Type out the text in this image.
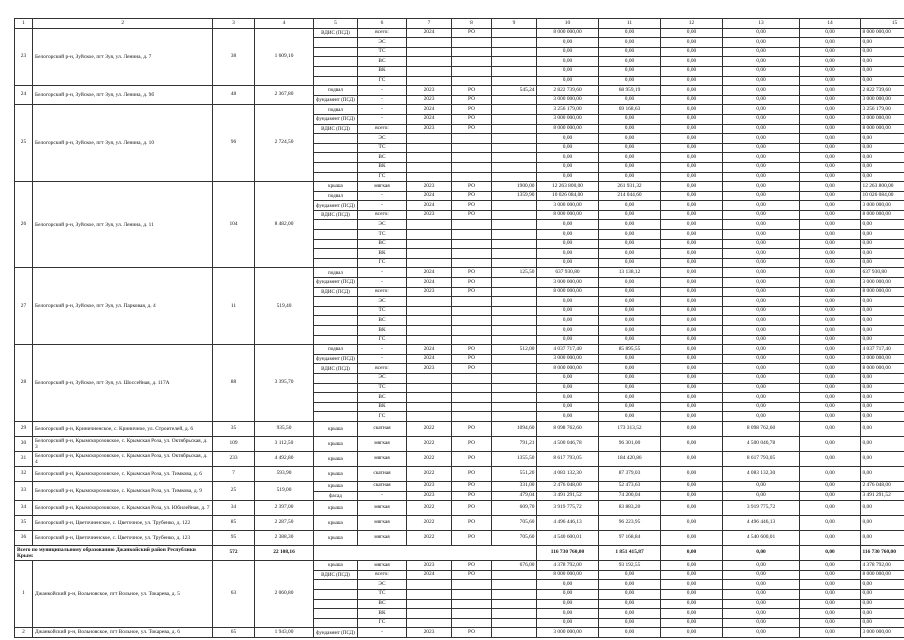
1	2	3	4	5	6	7	8	9	10	11	12	13	14	15
23	Белогорский р-н, Зуйское, пгт Зуя, ул. Ленина, д. 7	38	1 609,10	ВДИС (ПСД)	всего:	2024	РО		8 000 000,00	0,00	0,00	0,00	0,00	8 000 000,00
					ЭС				0,00	0,00	0,00	0,00	0,00	0,00
					ТС				0,00	0,00	0,00	0,00	0,00	0,00
					ВС				0,00	0,00	0,00	0,00	0,00	0,00
					ВК				0,00	0,00	0,00	0,00	0,00	0,00
					ГС				0,00	0,00	0,00	0,00	0,00	0,00
24	Белогорский р-н, Зуйское, пгт Зуя, ул. Ленина, д. 9б	48	2 367,80	подвал	-	2023	РО	545,24	2 822 739,60	68 959,19	0,00	0,00	0,00	2 822 739,60
				фундамент (ПСД)	-	2023	РО		3 000 000,00	0,00	0,00	0,00	0,00	3 000 000,00
25	Белогорский р-н, Зуйское, пгт Зуя, ул. Ленина, д. 10	96	2 724,50	подвал	-	2024	РО		3 256 179,00	69 168,63	0,00	0,00	0,00	3 256 179,00
				фундамент (ПСД)	-	2024	РО		3 000 000,00	0,00	0,00	0,00	0,00	3 000 000,00
				ВДИС (ПСД)	всего:	2023	РО		8 000 000,00	0,00	0,00	0,00	0,00	8 000 000,00
					ЭС				0,00	0,00	0,00	0,00	0,00	0,00
					ТС				0,00	0,00	0,00	0,00	0,00	0,00
					ВС				0,00	0,00	0,00	0,00	0,00	0,00
					ВК				0,00	0,00	0,00	0,00	0,00	0,00
					ГС				0,00	0,00	0,00	0,00	0,00	0,00
26	Белогорский р-н, Зуйское, пгт Зуя, ул. Ленина, д. 11	104	8 482,00	крыша	мягкая	2023	РО	1900,00	12 263 800,00	261 931,32	0,00	0,00	0,00	12 263 800,00
				подвал	-	2024	РО	1359,90	10 026 084,00	214 044,60	0,00	0,00	0,00	10 026 084,00
				фундамент (ПСД)	-	2024	РО		3 000 000,00	0,00	0,00	0,00	0,00	3 000 000,00
				ВДИС (ПСД)	всего:	2023	РО		8 000 000,00	0,00	0,00	0,00	0,00	8 000 000,00
					ЭС				0,00	0,00	0,00	0,00	0,00	0,00
					ТС				0,00	0,00	0,00	0,00	0,00	0,00
					ВС				0,00	0,00	0,00	0,00	0,00	0,00
					ВК				0,00	0,00	0,00	0,00	0,00	0,00
					ГС				0,00	0,00	0,00	0,00	0,00	0,00
27	Белогорский р-н, Зуйское, пгт Зуя, ул. Парковая, д. 4	11	519,40	подвал	-	2024	РО	125,50	637 930,80	13 138,12	0,00	0,00	0,00	637 930,80
				фундамент (ПСД)	-	2024	РО		3 000 000,00	0,00	0,00	0,00	0,00	3 000 000,00
				ВДИС (ПСД)	всего:	2023	РО		8 000 000,00	0,00	0,00	0,00	0,00	8 000 000,00
					ЭС				0,00	0,00	0,00	0,00	0,00	0,00
					ТС				0,00	0,00	0,00	0,00	0,00	0,00
					ВС				0,00	0,00	0,00	0,00	0,00	0,00
					ВК				0,00	0,00	0,00	0,00	0,00	0,00
					ГС				0,00	0,00	0,00	0,00	0,00	0,00
28	Белогорский р-н, Зуйское, пгт Зуя, ул. Шоссейная, д. 117А	88	3 395,70	подвал	-	2024	РО	512,00	4 037 717,40	85 895,55	0,00	0,00	0,00	4 037 717,40
				фундамент (ПСД)	-	2024	РО		3 000 000,00	0,00	0,00	0,00	0,00	3 000 000,00
				ВДИС (ПСД)	всего:	2023	РО		8 000 000,00	0,00	0,00	0,00	0,00	8 000 000,00
					ЭС				0,00	0,00	0,00	0,00	0,00	0,00
					ТС				0,00	0,00	0,00	0,00	0,00	0,00
					ВС				0,00	0,00	0,00	0,00	0,00	0,00
					ВК				0,00	0,00	0,00	0,00	0,00	0,00
					ГС				0,00	0,00	0,00	0,00	0,00	0,00
29	Белогорский р-н, Криничненское, с. Криничное, ул. Строителей, д. 6	35	935,50	крыша	скатная	2022	РО	1094,60	8 098 762,60	173 313,52	0,00	8 098 762,60	0,00	0,00
30	Белогорский р-н, Крымскорозовское, с. Крымская Роза, ул. Октябрьская, д. 3	109	3 112,50	крыша	мягкая	2022	РО	791,21	4 500 046,78	96 301,00	0,00	4 500 046,78	0,00	0,00
31	Белогорский р-н, Крымскорозовское, с. Крымская Роза, ул. Октябрьская, д. 4	233	4 492,80	крыша	мягкая	2022	РО	1355,50	8 617 793,05	184 420,86	0,00	8 617 793,05	0,00	0,00
32	Белогорский р-н, Крымскорозовское, с. Крымская Роза, ул. Тимкова, д. 6	7	593,90	крыша	скатная	2022	РО	551,20	4 083 132,30	87 379,03	0,00	4 083 132,30	0,00	0,00
33	Белогорский р-н, Крымскорозовское, с. Крымская Роза, ул. Тимкова, д. 9	25	519,00	крыша	скатная	2023	РО	331,00	2 476 048,00	52 473,63	0,00	0,00	0,00	2 476 048,00
				фасад	-	2023	РО	479,04	3 491 291,52	74 200,04	0,00	0,00	0,00	3 491 291,52
34	Белогорский р-н, Крымскорозовское, с. Крымская Роза, ул. Юбилейная, д. 7	34	2 397,00	крыша	мягкая	2022	РО	609,70	3 919 775,72	83 883,20	0,00	3 919 775,72	0,00	0,00
35	Белогорский р-н, Цветочненское, с. Цветочное, ул. Трубенко, д. 122	85	2 287,50	крыша	мягкая	2022	РО	705,60	4 496 446,13	96 223,95	0,00	4 496 446,13	0,00	0,00
36	Белогорский р-н, Цветочненское, с. Цветочное, ул. Трубенко, д. 123	95	2 388,30	крыша	мягкая	2022	РО	705,60	4 540 600,01	97 168,84	0,00	4 540 600,01	0,00	0,00
Всего по муниципальному образованию Джанкойский район Республики Крым:		572	22 108,16						116 730 760,00	1 851 415,87	0,00	0,00	0,00	116 730 760,00
1	Джанкойский р-н, Вольновское, пгт Вольное, ул. Токарева, д. 5	63	2 060,80	крыша	мягкая	2023	РО	676,00	4 378 792,00	93 192,55	0,00	0,00	0,00	4 378 792,00
				ВДИС (ПСД)	всего:	2024	РО		8 000 000,00	0,00	0,00	0,00	0,00	8 000 000,00
					ЭС				0,00	0,00	0,00	0,00	0,00	0,00
					ТС				0,00	0,00	0,00	0,00	0,00	0,00
					ВС				0,00	0,00	0,00	0,00	0,00	0,00
					ВК				0,00	0,00	0,00	0,00	0,00	0,00
					ГС				0,00	0,00	0,00	0,00	0,00	0,00
2	Джанкойский р-н, Вольновское, пгт Вольное, ул. Токарева, д. 6	65	1 943,00	фундамент (ПСД)	-	2023	РО		3 000 000,00	0,00	0,00	0,00	0,00	3 000 000,00
